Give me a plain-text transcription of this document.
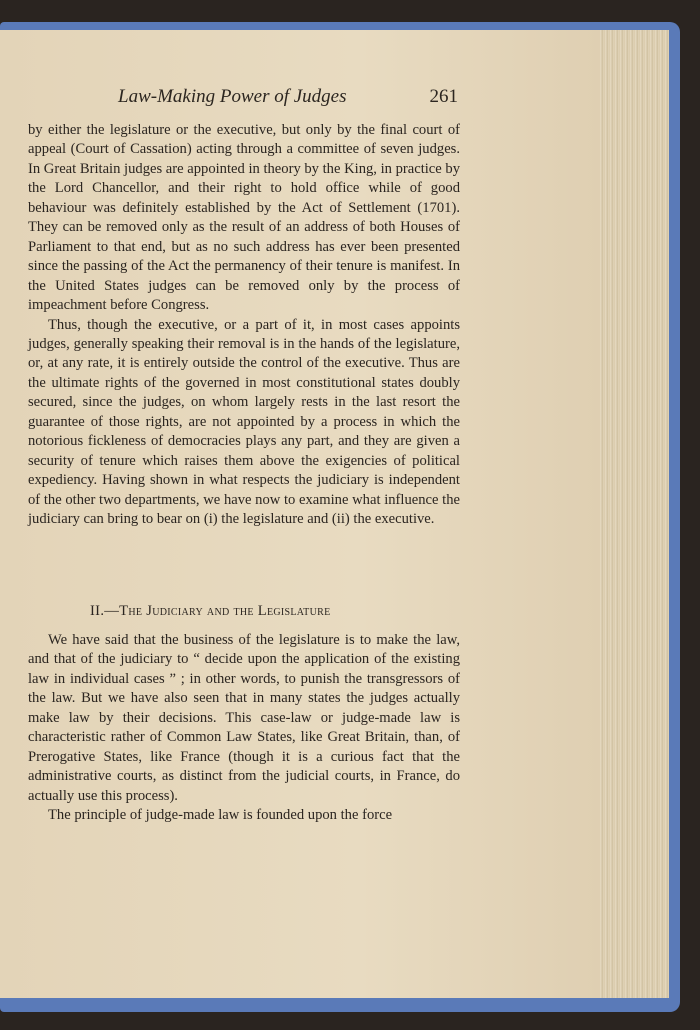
Law-Making Power of Judges	261

by either the legislature or the executive, but only by the final court of appeal (Court of Cassation) acting through a committee of seven judges. In Great Britain judges are appointed in theory by the King, in practice by the Lord Chancellor, and their right to hold office while of good behaviour was definitely established by the Act of Settlement (1701). They can be removed only as the result of an address of both Houses of Parliament to that end, but as no such address has ever been presented since the passing of the Act the permanency of their tenure is manifest. In the United States judges can be removed only by the process of impeachment before Congress.

Thus, though the executive, or a part of it, in most cases appoints judges, generally speaking their removal is in the hands of the legislature, or, at any rate, it is entirely outside the control of the executive. Thus are the ultimate rights of the governed in most constitutional states doubly secured, since the judges, on whom largely rests in the last resort the guarantee of those rights, are not appointed by a process in which the notorious fickleness of democracies plays any part, and they are given a security of tenure which raises them above the exigencies of political expediency. Having shown in what respects the judiciary is independent of the other two departments, we have now to examine what influence the judiciary can bring to bear on (i) the legislature and (ii) the executive.

II.—The Judiciary and the Legislature

We have said that the business of the legislature is to make the law, and that of the judiciary to “ decide upon the application of the existing law in individual cases ” ; in other words, to punish the transgressors of the law. But we have also seen that in many states the judges actually make law by their decisions. This case-law or judge-made law is characteristic rather of Common Law States, like Great Britain, than, of Prerogative States, like France (though it is a curious fact that the administrative courts, as distinct from the judicial courts, in France, do actually use this process).

The principle of judge-made law is founded upon the force
